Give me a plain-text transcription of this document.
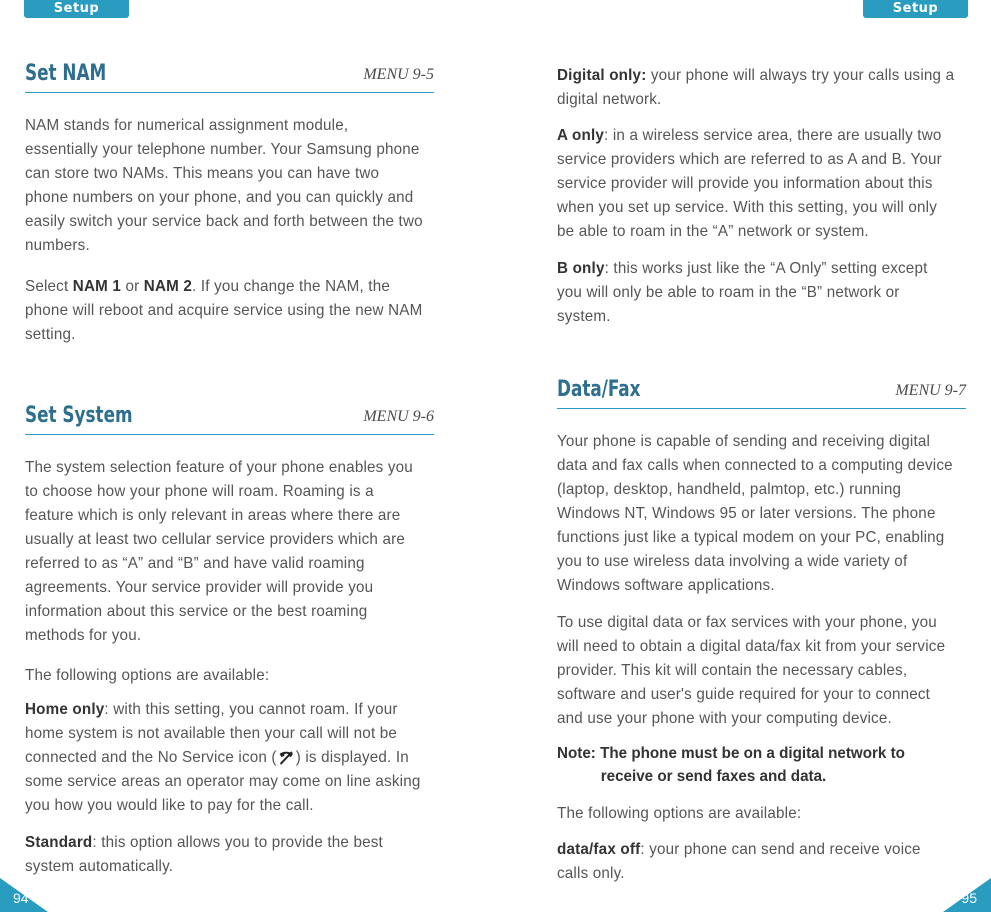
Setup	Setup
Set NAM	MENU 9-5

NAM stands for numerical assignment module, essentially your telephone number. Your Samsung phone can store two NAMs. This means you can have two phone numbers on your phone, and you can quickly and easily switch your service back and forth between the two numbers.

Select NAM 1 or NAM 2. If you change the NAM, the phone will reboot and acquire service using the new NAM setting.

Set System	MENU 9-6

The system selection feature of your phone enables you to choose how your phone will roam. Roaming is a feature which is only relevant in areas where there are usually at least two cellular service providers which are referred to as “A” and “B” and have valid roaming agreements. Your service provider will provide you information about this service or the best roaming methods for you.

The following options are available:

Home only: with this setting, you cannot roam. If your home system is not available then your call will not be connected and the No Service icon ( ) is displayed. In some service areas an operator may come on line asking you how you would like to pay for the call.

Standard: this option allows you to provide the best system automatically.

Digital only: your phone will always try your calls using a digital network.

A only: in a wireless service area, there are usually two service providers which are referred to as A and B. Your service provider will provide you information about this when you set up service. With this setting, you will only be able to roam in the “A” network or system.

B only: this works just like the “A Only” setting except you will only be able to roam in the “B” network or system.

Data/Fax	MENU 9-7

Your phone is capable of sending and receiving digital data and fax calls when connected to a computing device (laptop, desktop, handheld, palmtop, etc.) running Windows NT, Windows 95 or later versions. The phone functions just like a typical modem on your PC, enabling you to use wireless data involving a wide variety of Windows software applications.

To use digital data or fax services with your phone, you will need to obtain a digital data/fax kit from your service provider. This kit will contain the necessary cables, software and user's guide required for your to connect and use your phone with your computing device.

Note: The phone must be on a digital network to
receive or send faxes and data.

The following options are available:

data/fax off: your phone can send and receive voice calls only.

94	95
